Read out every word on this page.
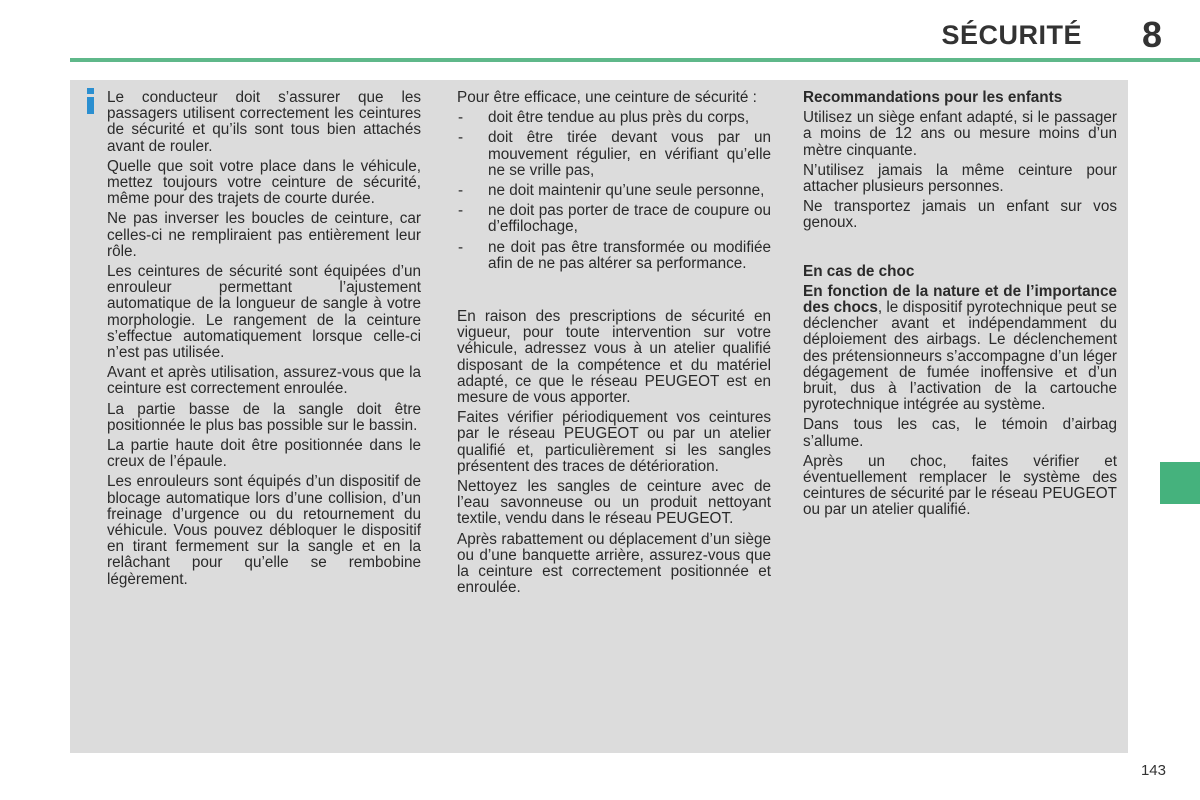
SÉCURITÉ 8

Le conducteur doit s’assurer que les passagers utilisent correctement les ceintures de sécurité et qu’ils sont tous bien attachés avant de rouler.

Quelle que soit votre place dans le véhicule, mettez toujours votre ceinture de sécurité, même pour des trajets de courte durée.

Ne pas inverser les boucles de ceinture, car celles-ci ne rempliraient pas entièrement leur rôle.

Les ceintures de sécurité sont équipées d’un enrouleur permettant l’ajustement automatique de la longueur de sangle à votre morphologie. Le rangement de la ceinture s’effectue automatiquement lorsque celle-ci n’est pas utilisée.

Avant et après utilisation, assurez-vous que la ceinture est correctement enroulée.

La partie basse de la sangle doit être positionnée le plus bas possible sur le bassin.

La partie haute doit être positionnée dans le creux de l’épaule.

Les enrouleurs sont équipés d’un dispositif de blocage automatique lors d’une collision, d’un freinage d’urgence ou du retournement du véhicule. Vous pouvez débloquer le dispositif en tirant fermement sur la sangle et en la relâchant pour qu’elle se rembobine légèrement.

Pour être efficace, une ceinture de sécurité :

- doit être tendue au plus près du corps,
- doit être tirée devant vous par un mouvement régulier, en vérifiant qu’elle ne se vrille pas,
- ne doit maintenir qu’une seule personne,
- ne doit pas porter de trace de coupure ou d’effilochage,
- ne doit pas être transformée ou modifiée afin de ne pas altérer sa performance.

En raison des prescriptions de sécurité en vigueur, pour toute intervention sur votre véhicule, adressez vous à un atelier qualifié disposant de la compétence et du matériel adapté, ce que le réseau PEUGEOT est en mesure de vous apporter.

Faites vérifier périodiquement vos ceintures par le réseau PEUGEOT ou par un atelier qualifié et, particulièrement si les sangles présentent des traces de détérioration.

Nettoyez les sangles de ceinture avec de l’eau savonneuse ou un produit nettoyant textile, vendu dans le réseau PEUGEOT.

Après rabattement ou déplacement d’un siège ou d’une banquette arrière, assurez-vous que la ceinture est correctement positionnée et enroulée.

Recommandations pour les enfants

Utilisez un siège enfant adapté, si le passager a moins de 12 ans ou mesure moins d’un mètre cinquante.

N’utilisez jamais la même ceinture pour attacher plusieurs personnes.

Ne transportez jamais un enfant sur vos genoux.

En cas de choc

En fonction de la nature et de l’importance des chocs, le dispositif pyrotechnique peut se déclencher avant et indépendamment du déploiement des airbags. Le déclenchement des prétensionneurs s’accompagne d’un léger dégagement de fumée inoffensive et d’un bruit, dus à l’activation de la cartouche pyrotechnique intégrée au système.

Dans tous les cas, le témoin d’airbag s’allume.

Après un choc, faites vérifier et éventuellement remplacer le système des ceintures de sécurité par le réseau PEUGEOT ou par un atelier qualifié.

143
